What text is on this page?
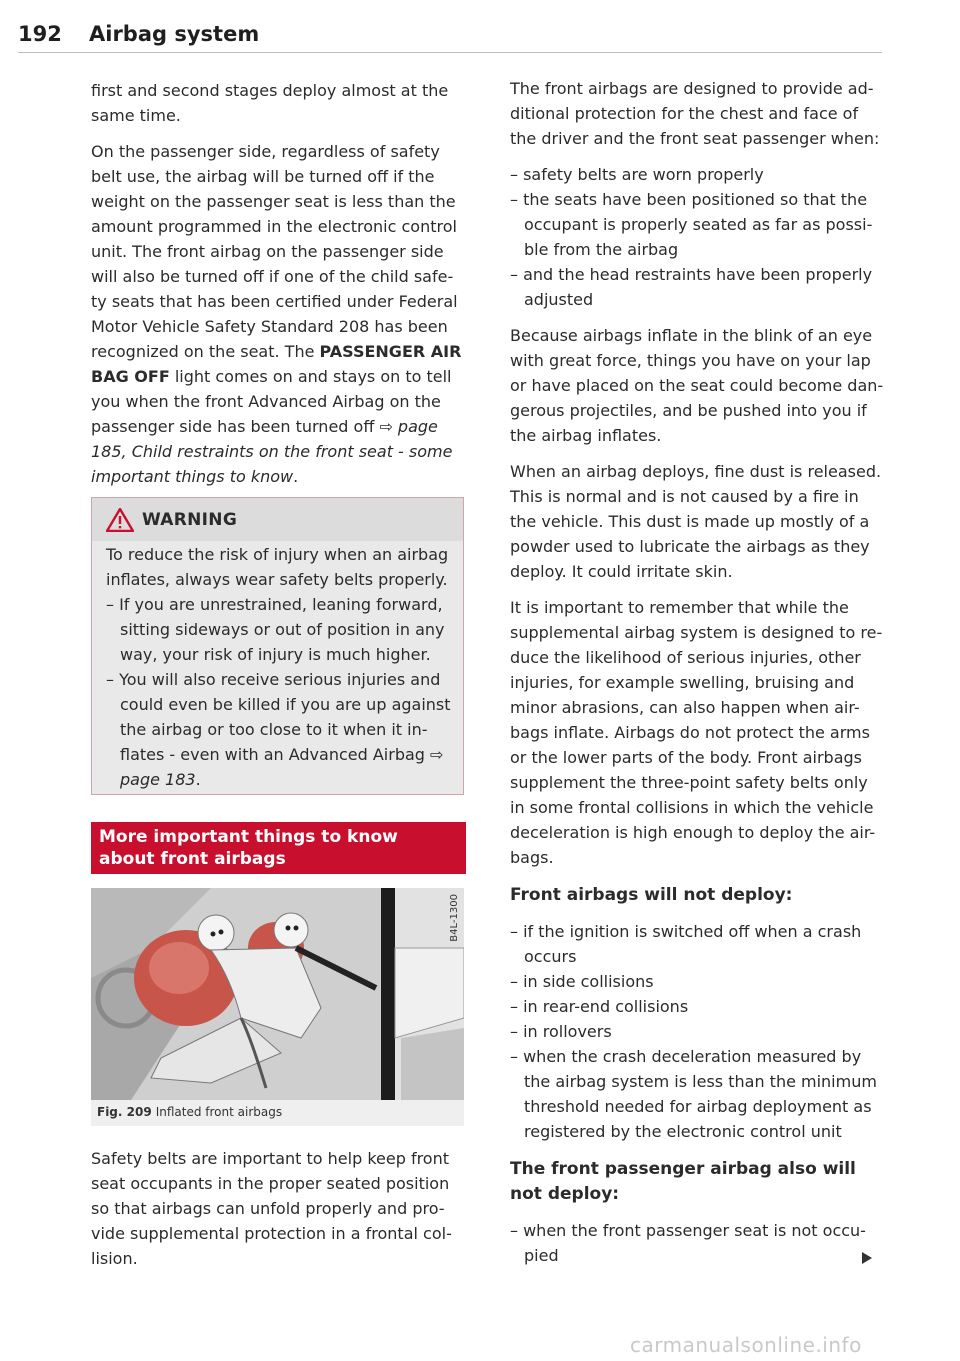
192 Airbag system

first and second stages deploy almost at the same time.

On the passenger side, regardless of safety belt use, the airbag will be turned off if the weight on the passenger seat is less than the amount programmed in the electronic control unit. The front airbag on the passenger side will also be turned off if one of the child safe-ty seats that has been certified under Federal Motor Vehicle Safety Standard 208 has been recognized on the seat. The PASSENGER AIR BAG OFF light comes on and stays on to tell you when the front Advanced Airbag on the passenger side has been turned off ⇨ page 185, Child restraints on the front seat - some important things to know.

WARNING

To reduce the risk of injury when an airbag inflates, always wear safety belts properly.

– If you are unrestrained, leaning forward, sitting sideways or out of position in any way, your risk of injury is much higher.

– You will also receive serious injuries and could even be killed if you are up against the airbag or too close to it when it in-flates - even with an Advanced Airbag ⇨ page 183.

More important things to know about front airbags
B4L-1300
Fig. 209 Inflated front airbags

Safety belts are important to help keep front seat occupants in the proper seated position so that airbags can unfold properly and pro-vide supplemental protection in a frontal col-lision.

The front airbags are designed to provide ad-ditional protection for the chest and face of the driver and the front seat passenger when:

– safety belts are worn properly

– the seats have been positioned so that the occupant is properly seated as far as possi-ble from the airbag

– and the head restraints have been properly adjusted

Because airbags inflate in the blink of an eye with great force, things you have on your lap or have placed on the seat could become dan-gerous projectiles, and be pushed into you if the airbag inflates.

When an airbag deploys, fine dust is released. This is normal and is not caused by a fire in the vehicle. This dust is made up mostly of a powder used to lubricate the airbags as they deploy. It could irritate skin.

It is important to remember that while the supplemental airbag system is designed to re-duce the likelihood of serious injuries, other injuries, for example swelling, bruising and minor abrasions, can also happen when air-bags inflate. Airbags do not protect the arms or the lower parts of the body. Front airbags supplement the three-point safety belts only in some frontal collisions in which the vehicle deceleration is high enough to deploy the air-bags.

Front airbags will not deploy:

– if the ignition is switched off when a crash occurs

– in side collisions

– in rear-end collisions

– in rollovers

– when the crash deceleration measured by the airbag system is less than the minimum threshold needed for airbag deployment as registered by the electronic control unit

The front passenger airbag also will not deploy:

– when the front passenger seat is not occu-pied

carmanualsonline.info
